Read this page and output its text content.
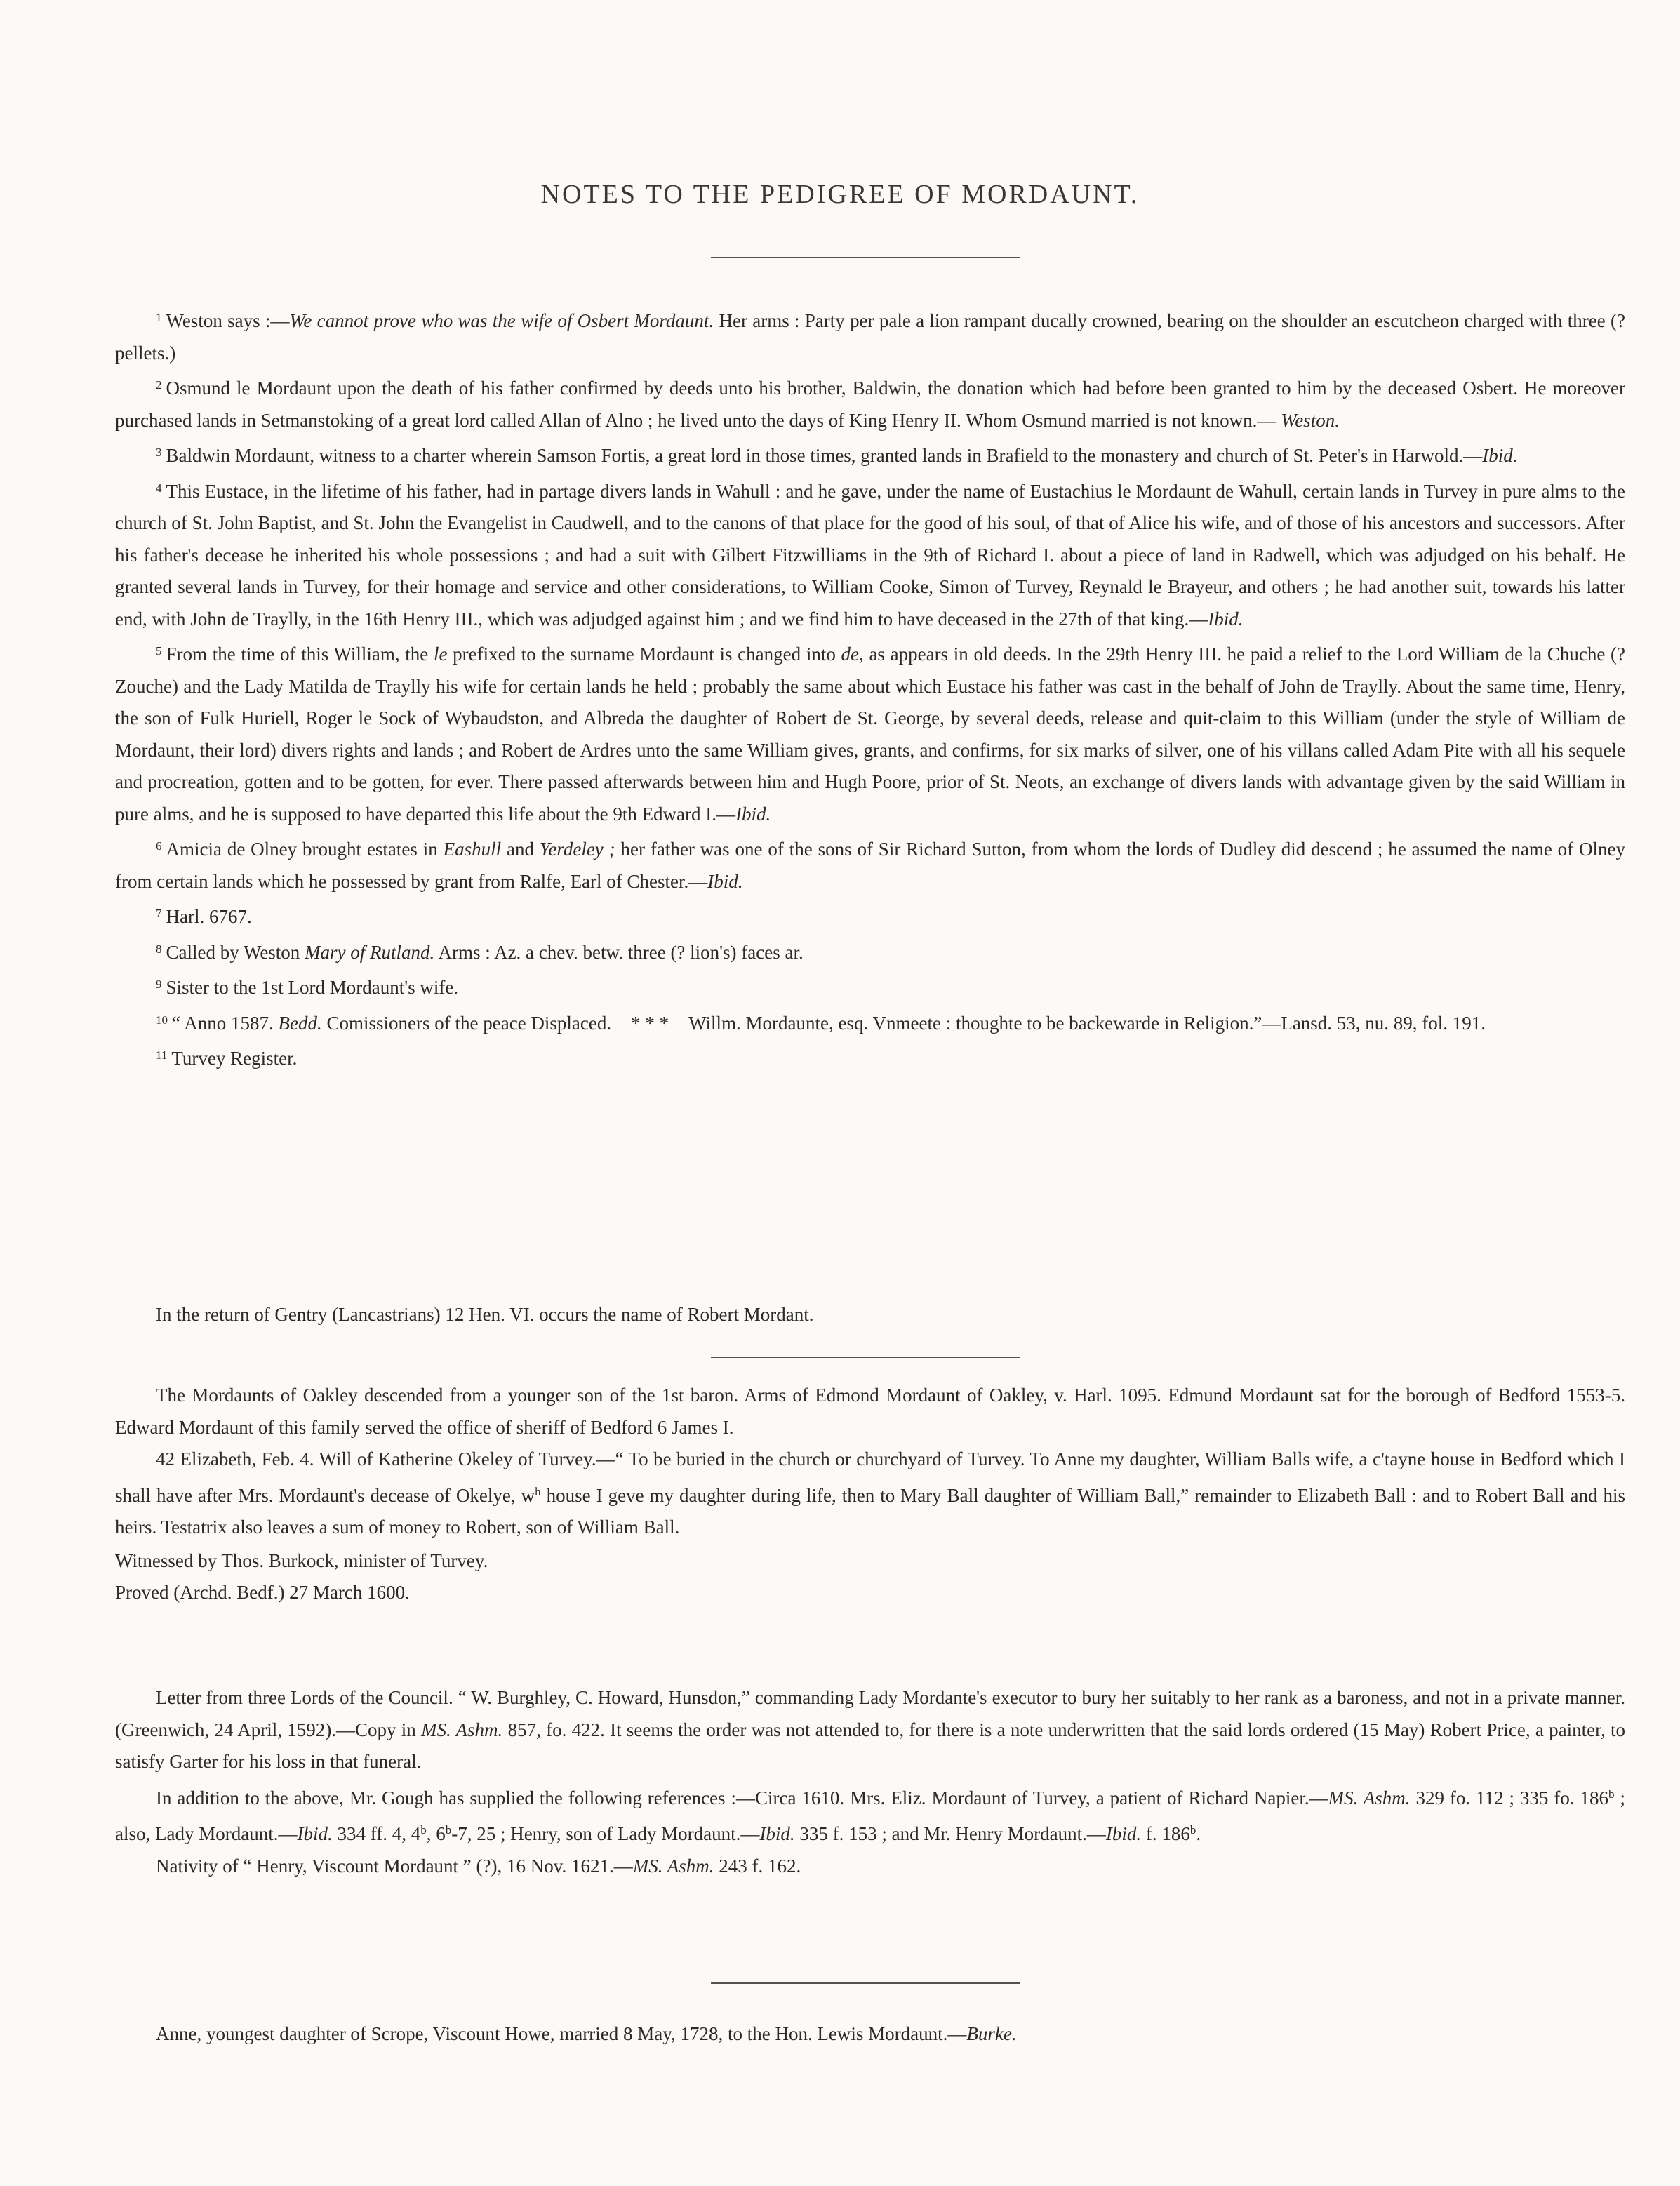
NOTES TO THE PEDIGREE OF MORDAUNT.

$^1$ Weston says :—We cannot prove who was the wife of Osbert Mordaunt. Her arms : Party per pale a lion rampant ducally crowned, bearing on the shoulder an escutcheon charged with three (? pellets.)

$^2$ Osmund le Mordaunt upon the death of his father confirmed by deeds unto his brother, Baldwin, the donation which had before been granted to him by the deceased Osbert. He moreover purchased lands in Setmanstoking of a great lord called Allan of Alno ; he lived unto the days of King Henry II. Whom Osmund married is not known.— Weston.

$^3$ Baldwin Mordaunt, witness to a charter wherein Samson Fortis, a great lord in those times, granted lands in Brafield to the monastery and church of St. Peter's in Harwold.—Ibid.

$^4$ This Eustace, in the lifetime of his father, had in partage divers lands in Wahull : and he gave, under the name of Eustachius le Mordaunt de Wahull, certain lands in Turvey in pure alms to the church of St. John Baptist, and St. John the Evangelist in Caudwell, and to the canons of that place for the good of his soul, of that of Alice his wife, and of those of his ancestors and successors. After his father's decease he inherited his whole possessions ; and had a suit with Gilbert Fitzwilliams in the 9th of Richard I. about a piece of land in Radwell, which was adjudged on his behalf. He granted several lands in Turvey, for their homage and service and other considerations, to William Cooke, Simon of Turvey, Reynald le Brayeur, and others ; he had another suit, towards his latter end, with John de Traylly, in the 16th Henry III., which was adjudged against him ; and we find him to have deceased in the 27th of that king.—Ibid.

$^5$ From the time of this William, the le prefixed to the surname Mordaunt is changed into de, as appears in old deeds. In the 29th Henry III. he paid a relief to the Lord William de la Chuche (? Zouche) and the Lady Matilda de Traylly his wife for certain lands he held ; probably the same about which Eustace his father was cast in the behalf of John de Traylly. About the same time, Henry, the son of Fulk Huriell, Roger le Sock of Wybaudston, and Albreda the daughter of Robert de St. George, by several deeds, release and quit-claim to this William (under the style of William de Mordaunt, their lord) divers rights and lands ; and Robert de Ardres unto the same William gives, grants, and confirms, for six marks of silver, one of his villans called Adam Pite with all his sequele and procreation, gotten and to be gotten, for ever. There passed afterwards between him and Hugh Poore, prior of St. Neots, an exchange of divers lands with advantage given by the said William in pure alms, and he is supposed to have departed this life about the 9th Edward I.—Ibid.

$^6$ Amicia de Olney brought estates in Eashull and Yerdeley ; her father was one of the sons of Sir Richard Sutton, from whom the lords of Dudley did descend ; he assumed the name of Olney from certain lands which he possessed by grant from Ralfe, Earl of Chester.—Ibid.

$^7$ Harl. 6767.

$^8$ Called by Weston Mary of Rutland. Arms : Az. a chev. betw. three (? lion's) faces ar.

$^9$ Sister to the 1st Lord Mordaunt's wife.

$^{10}$ “ Anno 1587. Bedd. Comissioners of the peace Displaced. * * * Willm. Mordaunte, esq. Vnmeete : thoughte to be backewarde in Religion.”—Lansd. 53, nu. 89, fol. 191.

$^{11}$ Turvey Register.

In the return of Gentry (Lancastrians) 12 Hen. VI. occurs the name of Robert Mordant.

The Mordaunts of Oakley descended from a younger son of the 1st baron. Arms of Edmond Mordaunt of Oakley, v. Harl. 1095. Edmund Mordaunt sat for the borough of Bedford 1553-5. Edward Mordaunt of this family served the office of sheriff of Bedford 6 James I.

42 Elizabeth, Feb. 4. Will of Katherine Okeley of Turvey.—“ To be buried in the church or churchyard of Turvey. To Anne my daughter, William Balls wife, a c'tayne house in Bedford which I shall have after Mrs. Mordaunt's decease of Okelye, $w^h$ house I geve my daughter during life, then to Mary Ball daughter of William Ball,” remainder to Elizabeth Ball : and to Robert Ball and his heirs. Testatrix also leaves a sum of money to Robert, son of William Ball.

Witnessed by Thos. Burkock, minister of Turvey.

Proved (Archd. Bedf.) 27 March 1600.

Letter from three Lords of the Council. “ W. Burghley, C. Howard, Hunsdon,” commanding Lady Mordante's executor to bury her suitably to her rank as a baroness, and not in a private manner. (Greenwich, 24 April, 1592).—Copy in MS. Ashm. 857, fo. 422. It seems the order was not attended to, for there is a note underwritten that the said lords ordered (15 May) Robert Price, a painter, to satisfy Garter for his loss in that funeral.

In addition to the above, Mr. Gough has supplied the following references :—Circa 1610. Mrs. Eliz. Mordaunt of Turvey, a patient of Richard Napier.—MS. Ashm. 329 fo. 112 ; 335 fo. 186$^b$ ; also, Lady Mordaunt.—Ibid. 334 ff. 4, 4$^b$, 6$^b$-7, 25 ; Henry, son of Lady Mordaunt.—Ibid. 335 f. 153 ; and Mr. Henry Mordaunt.—Ibid. f. 186$^b$.

Nativity of “ Henry, Viscount Mordaunt ” (?), 16 Nov. 1621.—MS. Ashm. 243 f. 162.

Anne, youngest daughter of Scrope, Viscount Howe, married 8 May, 1728, to the Hon. Lewis Mordaunt.—Burke.
